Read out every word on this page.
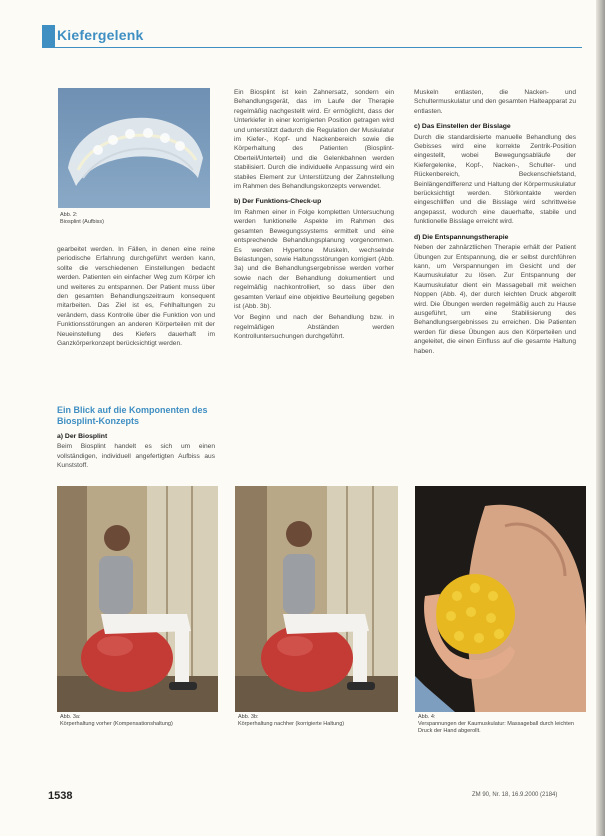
Kiefergelenk
Abb. 2:
Biosplint (Aufbiss)

gearbeitet werden. In Fällen, in denen eine reine periodische Erfahrung durchgeführt werden kann, sollte die verschiedenen Einstellungen bedacht werden. Patienten ein einfacher Weg zum Körper ich und weiteres zu entspannen. Der Patient muss über den gesamten Behandlungszeitraum konsequent mitarbeiten. Das Ziel ist es, Fehlhaltungen zu verändern, dass Kontrolle über die Funktion von und Funktionsstörungen an anderen Körperteilen mit der Neueinstellung des Kiefers dauerhaft im Ganzkörperkonzept berücksichtigt werden.

Ein Blick auf die Komponenten des Biosplint-Konzepts
a) Der Biosplint

Beim Biosplint handelt es sich um einen vollständigen, individuell angefertigten Aufbiss aus Kunststoff.

Ein Biosplint ist kein Zahnersatz, sondern ein Behandlungsgerät, das im Laufe der Therapie regelmäßig nachgestellt wird. Er ermöglicht, dass der Unterkiefer in einer korrigierten Position getragen wird und unterstützt dadurch die Regulation der Muskulatur im Kiefer-, Kopf- und Nackenbereich sowie die Körperhaltung des Patienten (Biosplint-Oberteil/Unterteil) und die Gelenkbahnen werden stabilisiert. Durch die individuelle Anpassung wird ein stabiles Element zur Unterstützung der Zahnstellung im Rahmen des Behandlungskonzepts verwendet.

b) Der Funktions-Check-up

Im Rahmen einer in Folge kompletten Untersuchung werden funktionelle Aspekte im Rahmen des gesamten Bewegungssystems ermittelt und eine entsprechende Behandlungsplanung vorgenommen. Es werden Hypertone Muskeln, wechselnde Belastungen, sowie Haltungsstörungen korrigiert (Abb. 3a) und die Behandlungsergebnisse werden vorher sowie nach der Behandlung dokumentiert und regelmäßig nachkontrolliert, so dass über den gesamten Verlauf eine objektive Beurteilung gegeben ist (Abb. 3b).

Vor Beginn und nach der Behandlung bzw. in regelmäßigen Abständen werden Kontrolluntersuchungen durchgeführt.

Muskeln entlasten, die Nacken- und Schultermuskulatur und den gesamten Halteapparat zu entlasten.

c) Das Einstellen der Bisslage

Durch die standardisierte manuelle Behandlung des Gebisses wird eine korrekte Zentrik-Position eingestellt, wobei Bewegungsabläufe der Kiefergelenke, Kopf-, Nacken-, Schulter- und Rückenbereich, Beckenschiefstand, Beinlängendifferenz und Haltung der Körpermuskulatur berücksichtigt werden. Störkontakte werden eingeschliffen und die Bisslage wird schrittweise angepasst, wodurch eine dauerhafte, stabile und funktionelle Bisslage erreicht wird.

d) Die Entspannungstherapie

Neben der zahnärztlichen Therapie erhält der Patient Übungen zur Entspannung, die er selbst durchführen kann, um Verspannungen im Gesicht und der Kaumuskulatur zu lösen. Zur Entspannung der Kaumuskulatur dient ein Massageball mit weichen Noppen (Abb. 4), der durch leichten Druck abgerollt wird. Die Übungen werden regelmäßig auch zu Hause ausgeführt, um eine Stabilisierung des Behandlungsergebnisses zu erreichen. Die Patienten werden für diese Übungen aus den Körperteilen und angeleitet, die einen Einfluss auf die gesamte Haltung haben.

Abb. 3a:
Körperhaltung vorher (Kompensationshaltung)
Abb. 3b:
Körperhaltung nachher (korrigierte Haltung)
Abb. 4:
Verspannungen der Kaumuskulatur: Massageball durch leichten Druck der Hand abgerollt.
1538	ZM 90, Nr. 18, 16.9.2000 (2184)
